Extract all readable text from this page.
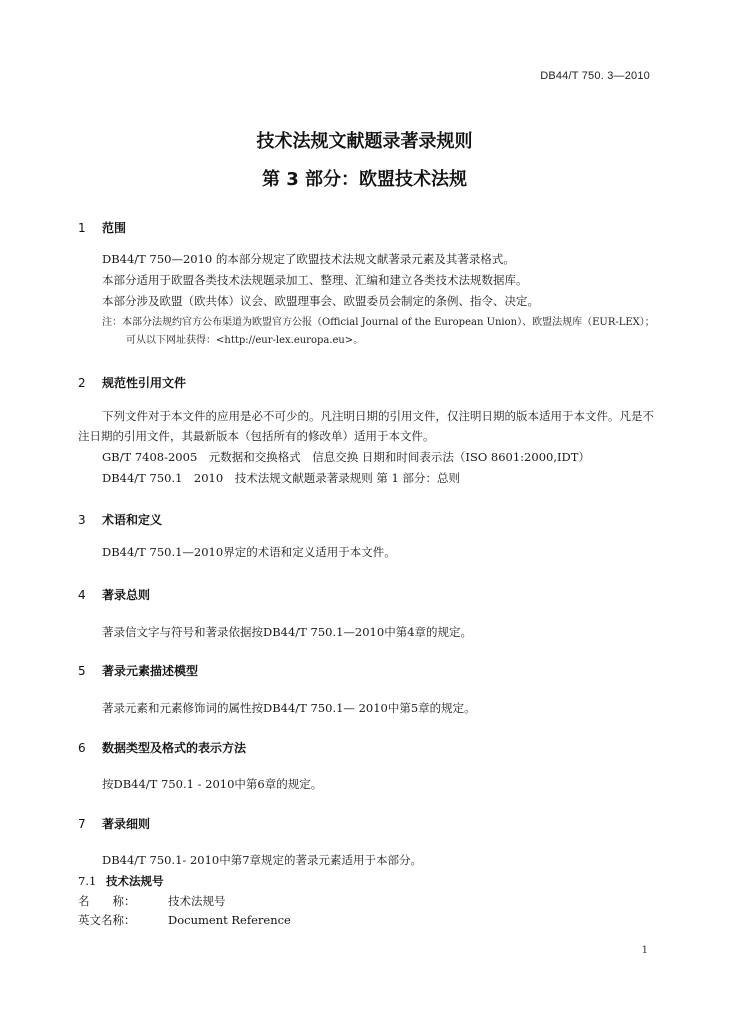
DB44/T 750. 3—2010
技术法规文献题录著录规则
第 3 部分：欧盟技术法规
1 范围
DB44/T 750—2010 的本部分规定了欧盟技术法规文献著录元素及其著录格式。
本部分适用于欧盟各类技术法规题录加工、整理、汇编和建立各类技术法规数据库。
本部分涉及欧盟（欧共体）议会、欧盟理事会、欧盟委员会制定的条例、指令、决定。
注：本部分法规约官方公布渠道为欧盟官方公报（Official Journal of the European Union）、欧盟法规库（EUR-LEX）；
可从以下网址获得：<http://eur-lex.europa.eu>。
2 规范性引用文件
下列文件对于本文件的应用是必不可少的。凡注明日期的引用文件，仅注明日期的版本适用于本文件。凡是不注日期的引用文件，其最新版本（包括所有的修改单）适用于本文件。
GB/T 7408-2005　元数据和交换格式　信息交换 日期和时间表示法（ISO 8601:2000,IDT）
DB44/T 750.1　2010　技术法规文献题录著录规则 第 1 部分：总则
3 术语和定义
DB44/T 750.1—2010界定的术语和定义适用于本文件。
4 著录总则
著录信文字与符号和著录依据按DB44/T 750.1—2010中第4章的规定。
5 著录元素描述模型
著录元素和元素修饰词的属性按DB44/T 750.1— 2010中第5章的规定。
6 数据类型及格式的表示方法
按DB44/T 750.1 - 2010中第6章的规定。
7 著录细则
DB44/T 750.1- 2010中第7章规定的著录元素适用于本部分。
7.1 技术法规号
名　　称：	技术法规号
英文名称：	Document Reference
1
